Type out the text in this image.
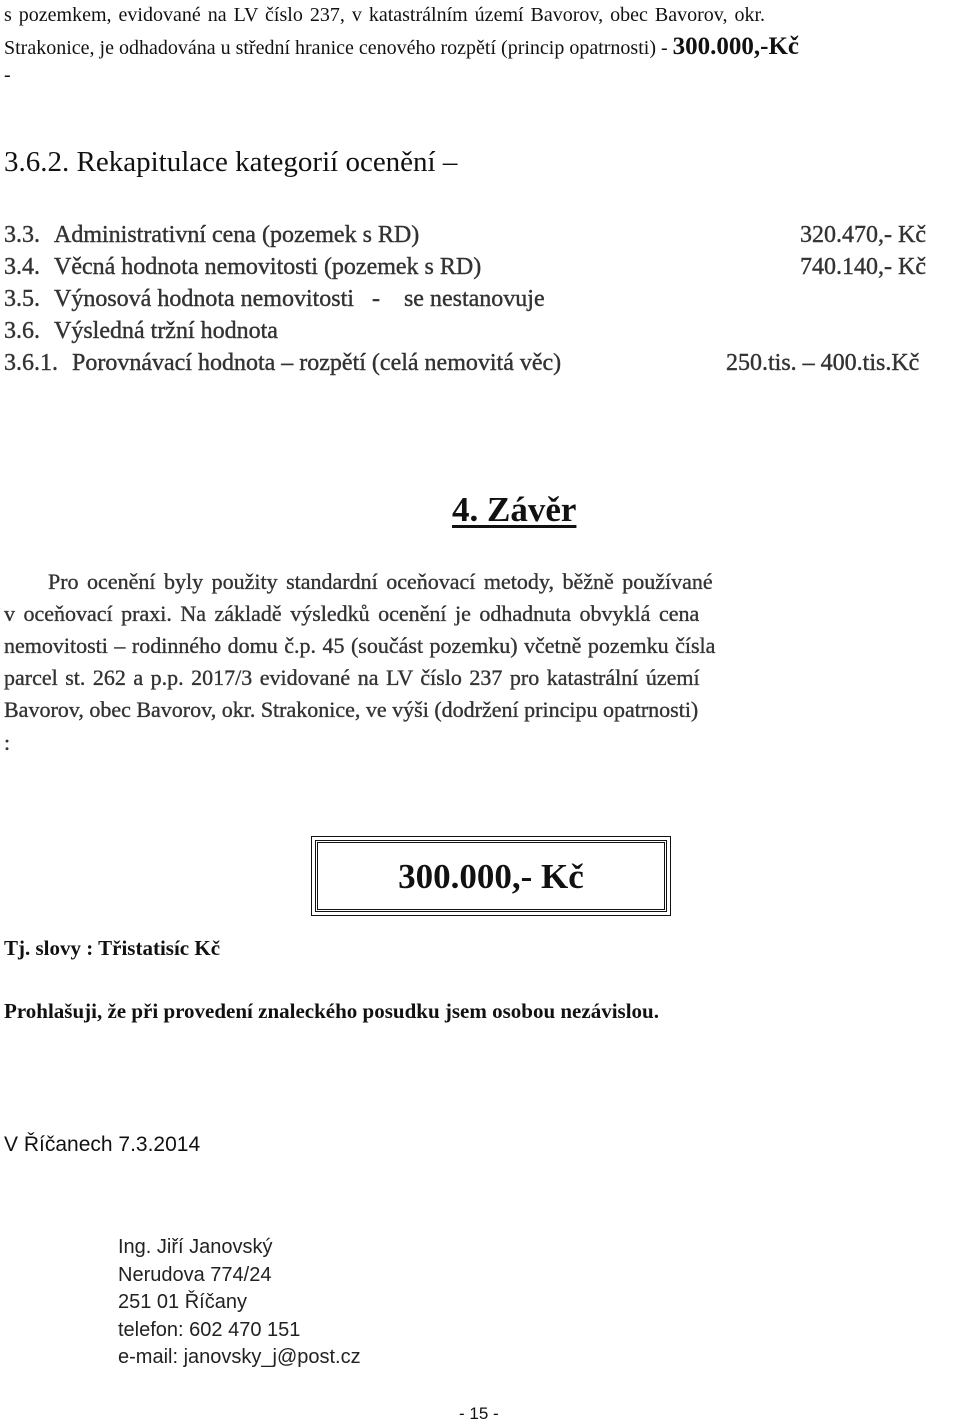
s pozemkem, evidované na LV číslo 237, v katastrálním území Bavorov, obec Bavorov, okr.
Strakonice, je odhadována u střední hranice cenového rozpětí (princip opatrnosti) - 300.000,-Kč
-
3.6.2. Rekapitulace kategorií ocenění –
3.3. Administrativní cena (pozemek s RD)	320.470,- Kč
3.4. Věcná hodnota nemovitosti (pozemek s RD)	740.140,- Kč
3.5. Výnosová hodnota nemovitosti   -    se nestanovuje
3.6. Výsledná tržní hodnota
3.6.1. Porovnávací hodnota – rozpětí (celá nemovitá věc)	250.tis. – 400.tis.Kč
4. Závěr
Pro ocenění byly použity standardní oceňovací metody, běžně používané
v oceňovací praxi. Na základě výsledků ocenění je odhadnuta obvyklá cena
nemovitosti – rodinného domu č.p. 45 (součást pozemku) včetně pozemku čísla
parcel st. 262 a p.p. 2017/3 evidované na LV číslo 237 pro katastrální území
Bavorov, obec Bavorov, okr. Strakonice, ve výši (dodržení principu opatrnosti)
:
300.000,- Kč
Tj. slovy : Třistatisíc Kč
Prohlašuji, že při provedení znaleckého posudku jsem osobou nezávislou.
V Říčanech 7.3.2014
Ing. Jiří Janovský
Nerudova 774/24
251 01 Říčany
telefon: 602 470 151
e-mail: janovsky_j@post.cz
- 15 -
